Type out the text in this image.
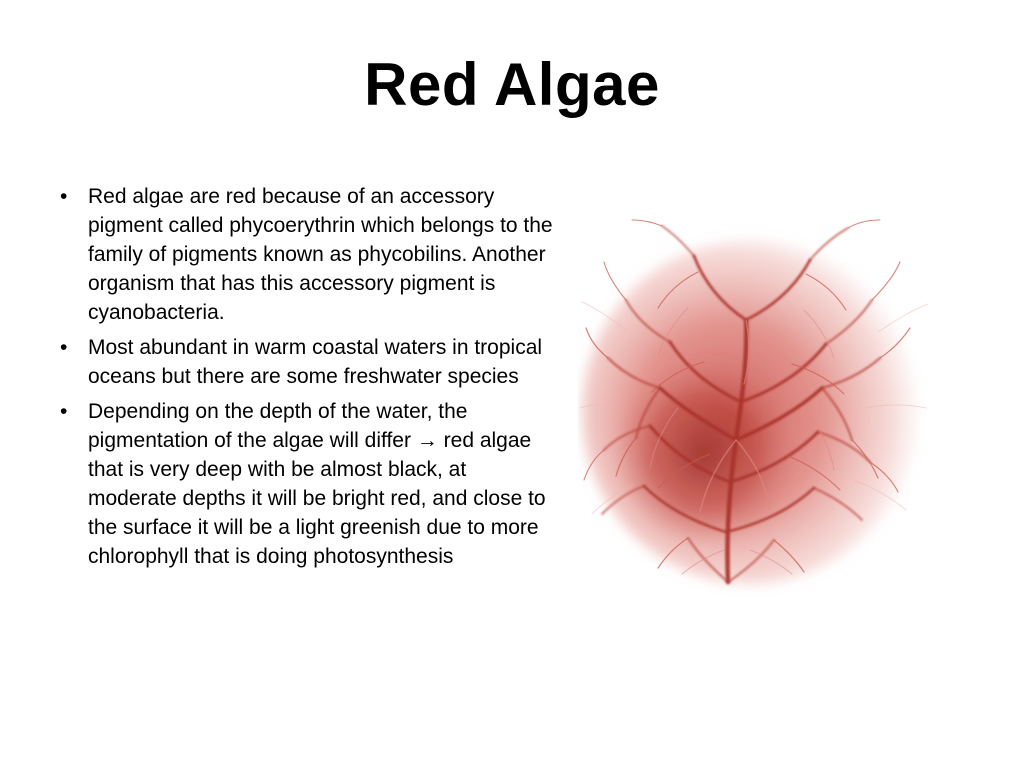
Red Algae
• Red algae are red because of an accessory pigment called phycoerythrin which belongs to the family of pigments known as phycobilins. Another organism that has this accessory pigment is cyanobacteria.
• Most abundant in warm coastal waters in tropical oceans but there are some freshwater species
• Depending on the depth of the water, the pigmentation of the algae will differ → red algae that is very deep with be almost black, at moderate depths it will be bright red, and close to the surface it will be a light greenish due to more chlorophyll that is doing photosynthesis
